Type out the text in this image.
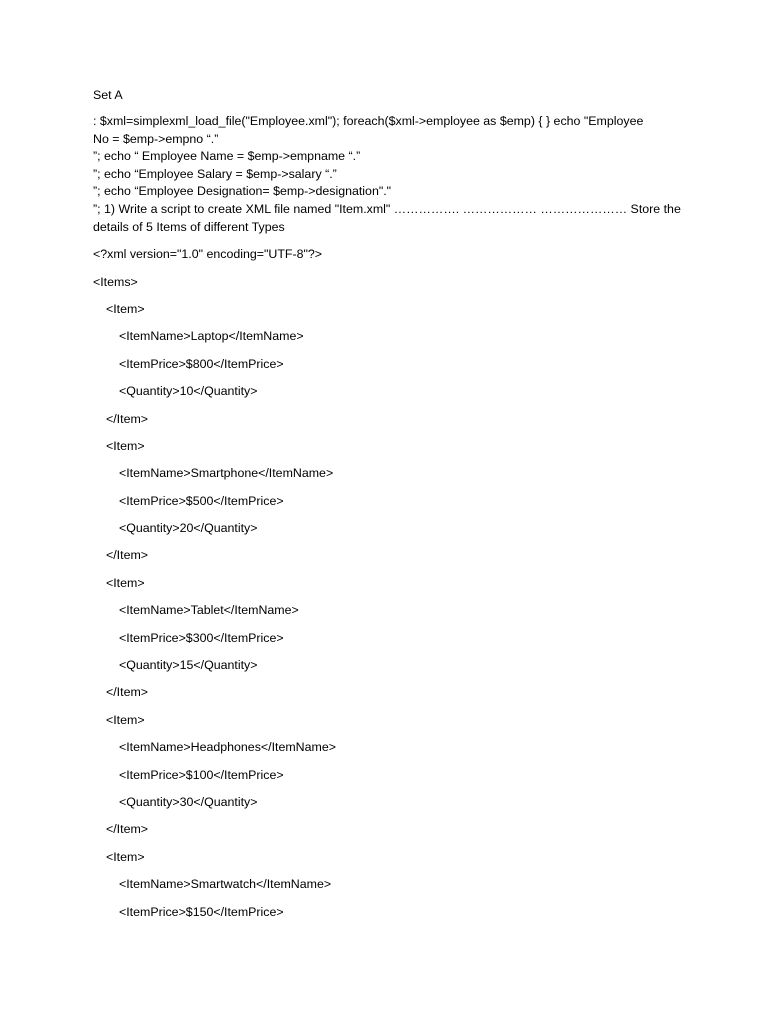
Set A
: $xml=simplexml_load_file("Employee.xml"); foreach($xml->employee as $emp) { } echo "Employee
No = $emp->empno “.”
”; echo “ Employee Name = $emp->empname “.”
”; echo “Employee Salary = $emp->salary “.”
”; echo “Employee Designation= $emp->designation"."
”; 1) Write a script to create XML file named "Item.xml" ……………. ……………… ………………… Store the
details of 5 Items of different Types
<?xml version="1.0" encoding="UTF-8"?>
<Items>
<Item>
<ItemName>Laptop</ItemName>
<ItemPrice>$800</ItemPrice>
<Quantity>10</Quantity>
</Item>
<Item>
<ItemName>Smartphone</ItemName>
<ItemPrice>$500</ItemPrice>
<Quantity>20</Quantity>
</Item>
<Item>
<ItemName>Tablet</ItemName>
<ItemPrice>$300</ItemPrice>
<Quantity>15</Quantity>
</Item>
<Item>
<ItemName>Headphones</ItemName>
<ItemPrice>$100</ItemPrice>
<Quantity>30</Quantity>
</Item>
<Item>
<ItemName>Smartwatch</ItemName>
<ItemPrice>$150</ItemPrice>
